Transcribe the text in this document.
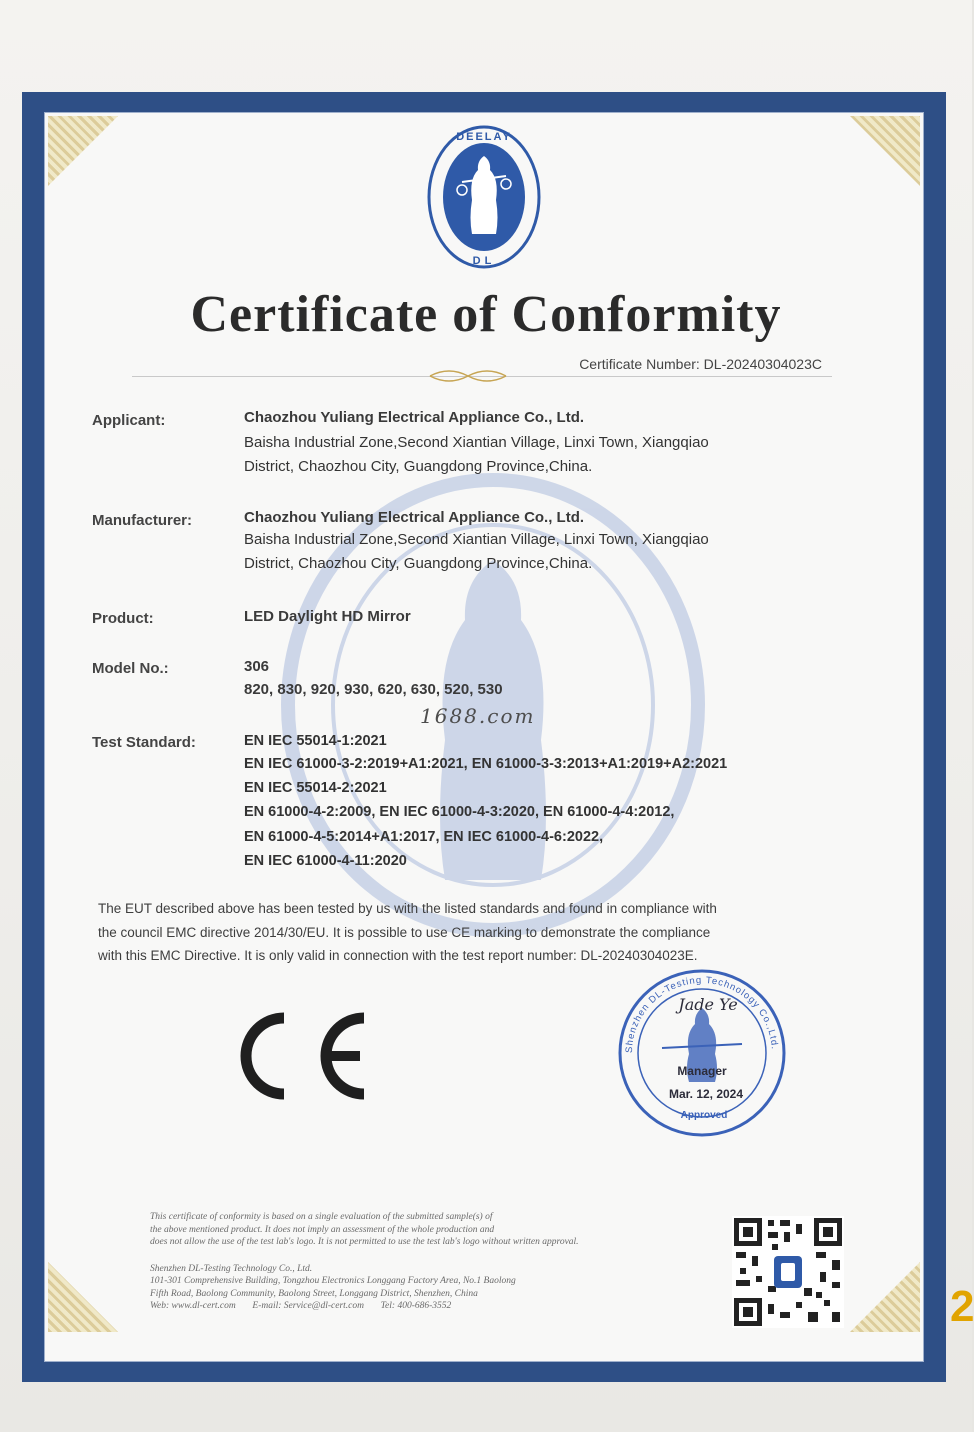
DEELAY
DL
Certificate of Conformity
Certificate Number: DL-20240304023C
Applicant:	Chaozhou Yuliang Electrical Appliance Co., Ltd.
Baisha Industrial Zone,Second Xiantian Village, Linxi Town, Xiangqiao
District, Chaozhou City, Guangdong Province,China.
Manufacturer:	Chaozhou Yuliang Electrical Appliance Co., Ltd.
Baisha Industrial Zone,Second Xiantian Village, Linxi Town, Xiangqiao
District, Chaozhou City, Guangdong Province,China.
Product:	LED Daylight HD Mirror
Model No.:	306
820, 830, 920, 930, 620, 630, 520, 530
1688.com
Test Standard:	EN IEC 55014-1:2021
EN IEC 61000-3-2:2019+A1:2021, EN 61000-3-3:2013+A1:2019+A2:2021
EN IEC 55014-2:2021
EN 61000-4-2:2009, EN IEC 61000-4-3:2020, EN 61000-4-4:2012,
EN 61000-4-5:2014+A1:2017, EN IEC 61000-4-6:2022,
EN IEC 61000-4-11:2020
The EUT described above has been tested by us with the listed standards and found in compliance with
the council EMC directive 2014/30/EU. It is possible to use CE marking to demonstrate the compliance
with this EMC Directive. It is only valid in connection with the test report number: DL-20240304023E.
Shenzhen DL-Testing Technology Co.,Ltd.
Manager
Mar. 12, 2024
Approved
Jade Ye
This certificate of conformity is based on a single evaluation of the submitted sample(s) of
the above mentioned product. It does not imply an assessment of the whole production and
does not allow the use of the test lab's logo. It is not permitted to use the test lab's logo without written approval.
Shenzhen DL-Testing Technology Co., Ltd.
101-301 Comprehensive Building, Tongzhou Electronics Longgang Factory Area, No.1 Baolong
Fifth Road, Baolong Community, Baolong Street, Longgang District, Shenzhen, China
Web: www.dl-cert.com E-mail: Service@dl-cert.com Tel: 400-686-3552	2
